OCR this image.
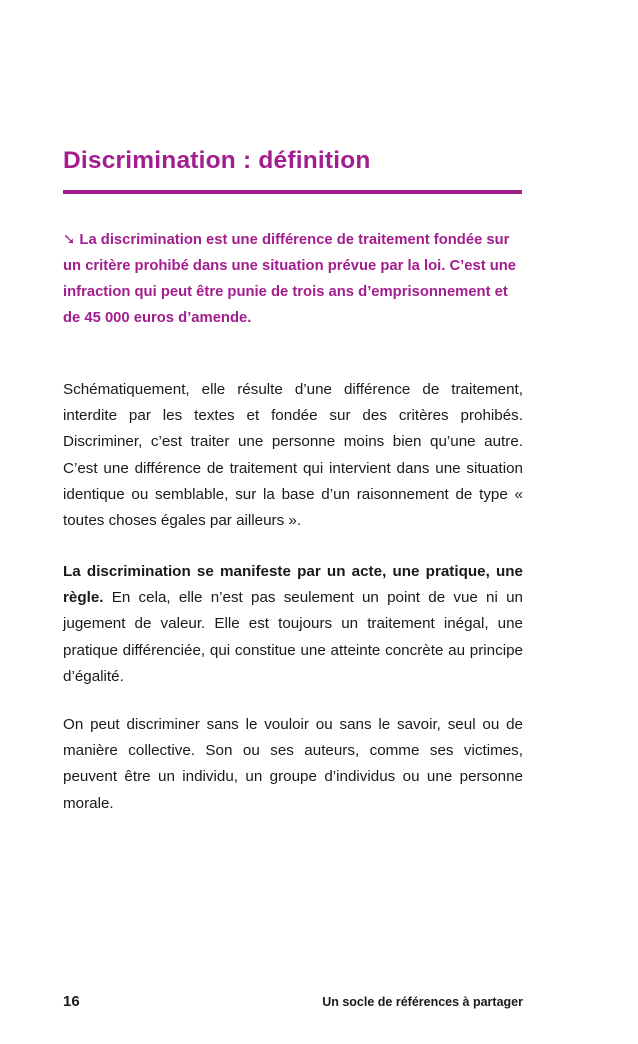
Discrimination : définition

➘ La discrimination est une différence de traitement fondée sur un critère prohibé dans une situation prévue par la loi. C’est une infraction qui peut être punie de trois ans d’emprisonnement et de 45 000 euros d’amende.

Schématiquement, elle résulte d’une différence de traitement, interdite par les textes et fondée sur des critères prohibés. Discriminer, c’est traiter une personne moins bien qu’une autre. C’est une différence de traitement qui intervient dans une situation identique ou semblable, sur la base d’un raisonnement de type « toutes choses égales par ailleurs ».

La discrimination se manifeste par un acte, une pratique, une règle. En cela, elle n’est pas seulement un point de vue ni un jugement de valeur. Elle est toujours un traitement inégal, une pratique différenciée, qui constitue une atteinte concrète au principe d’égalité.

On peut discriminer sans le vouloir ou sans le savoir, seul ou de manière collective. Son ou ses auteurs, comme ses victimes, peuvent être un individu, un groupe d’individus ou une personne morale.

16	Un socle de références à partager
